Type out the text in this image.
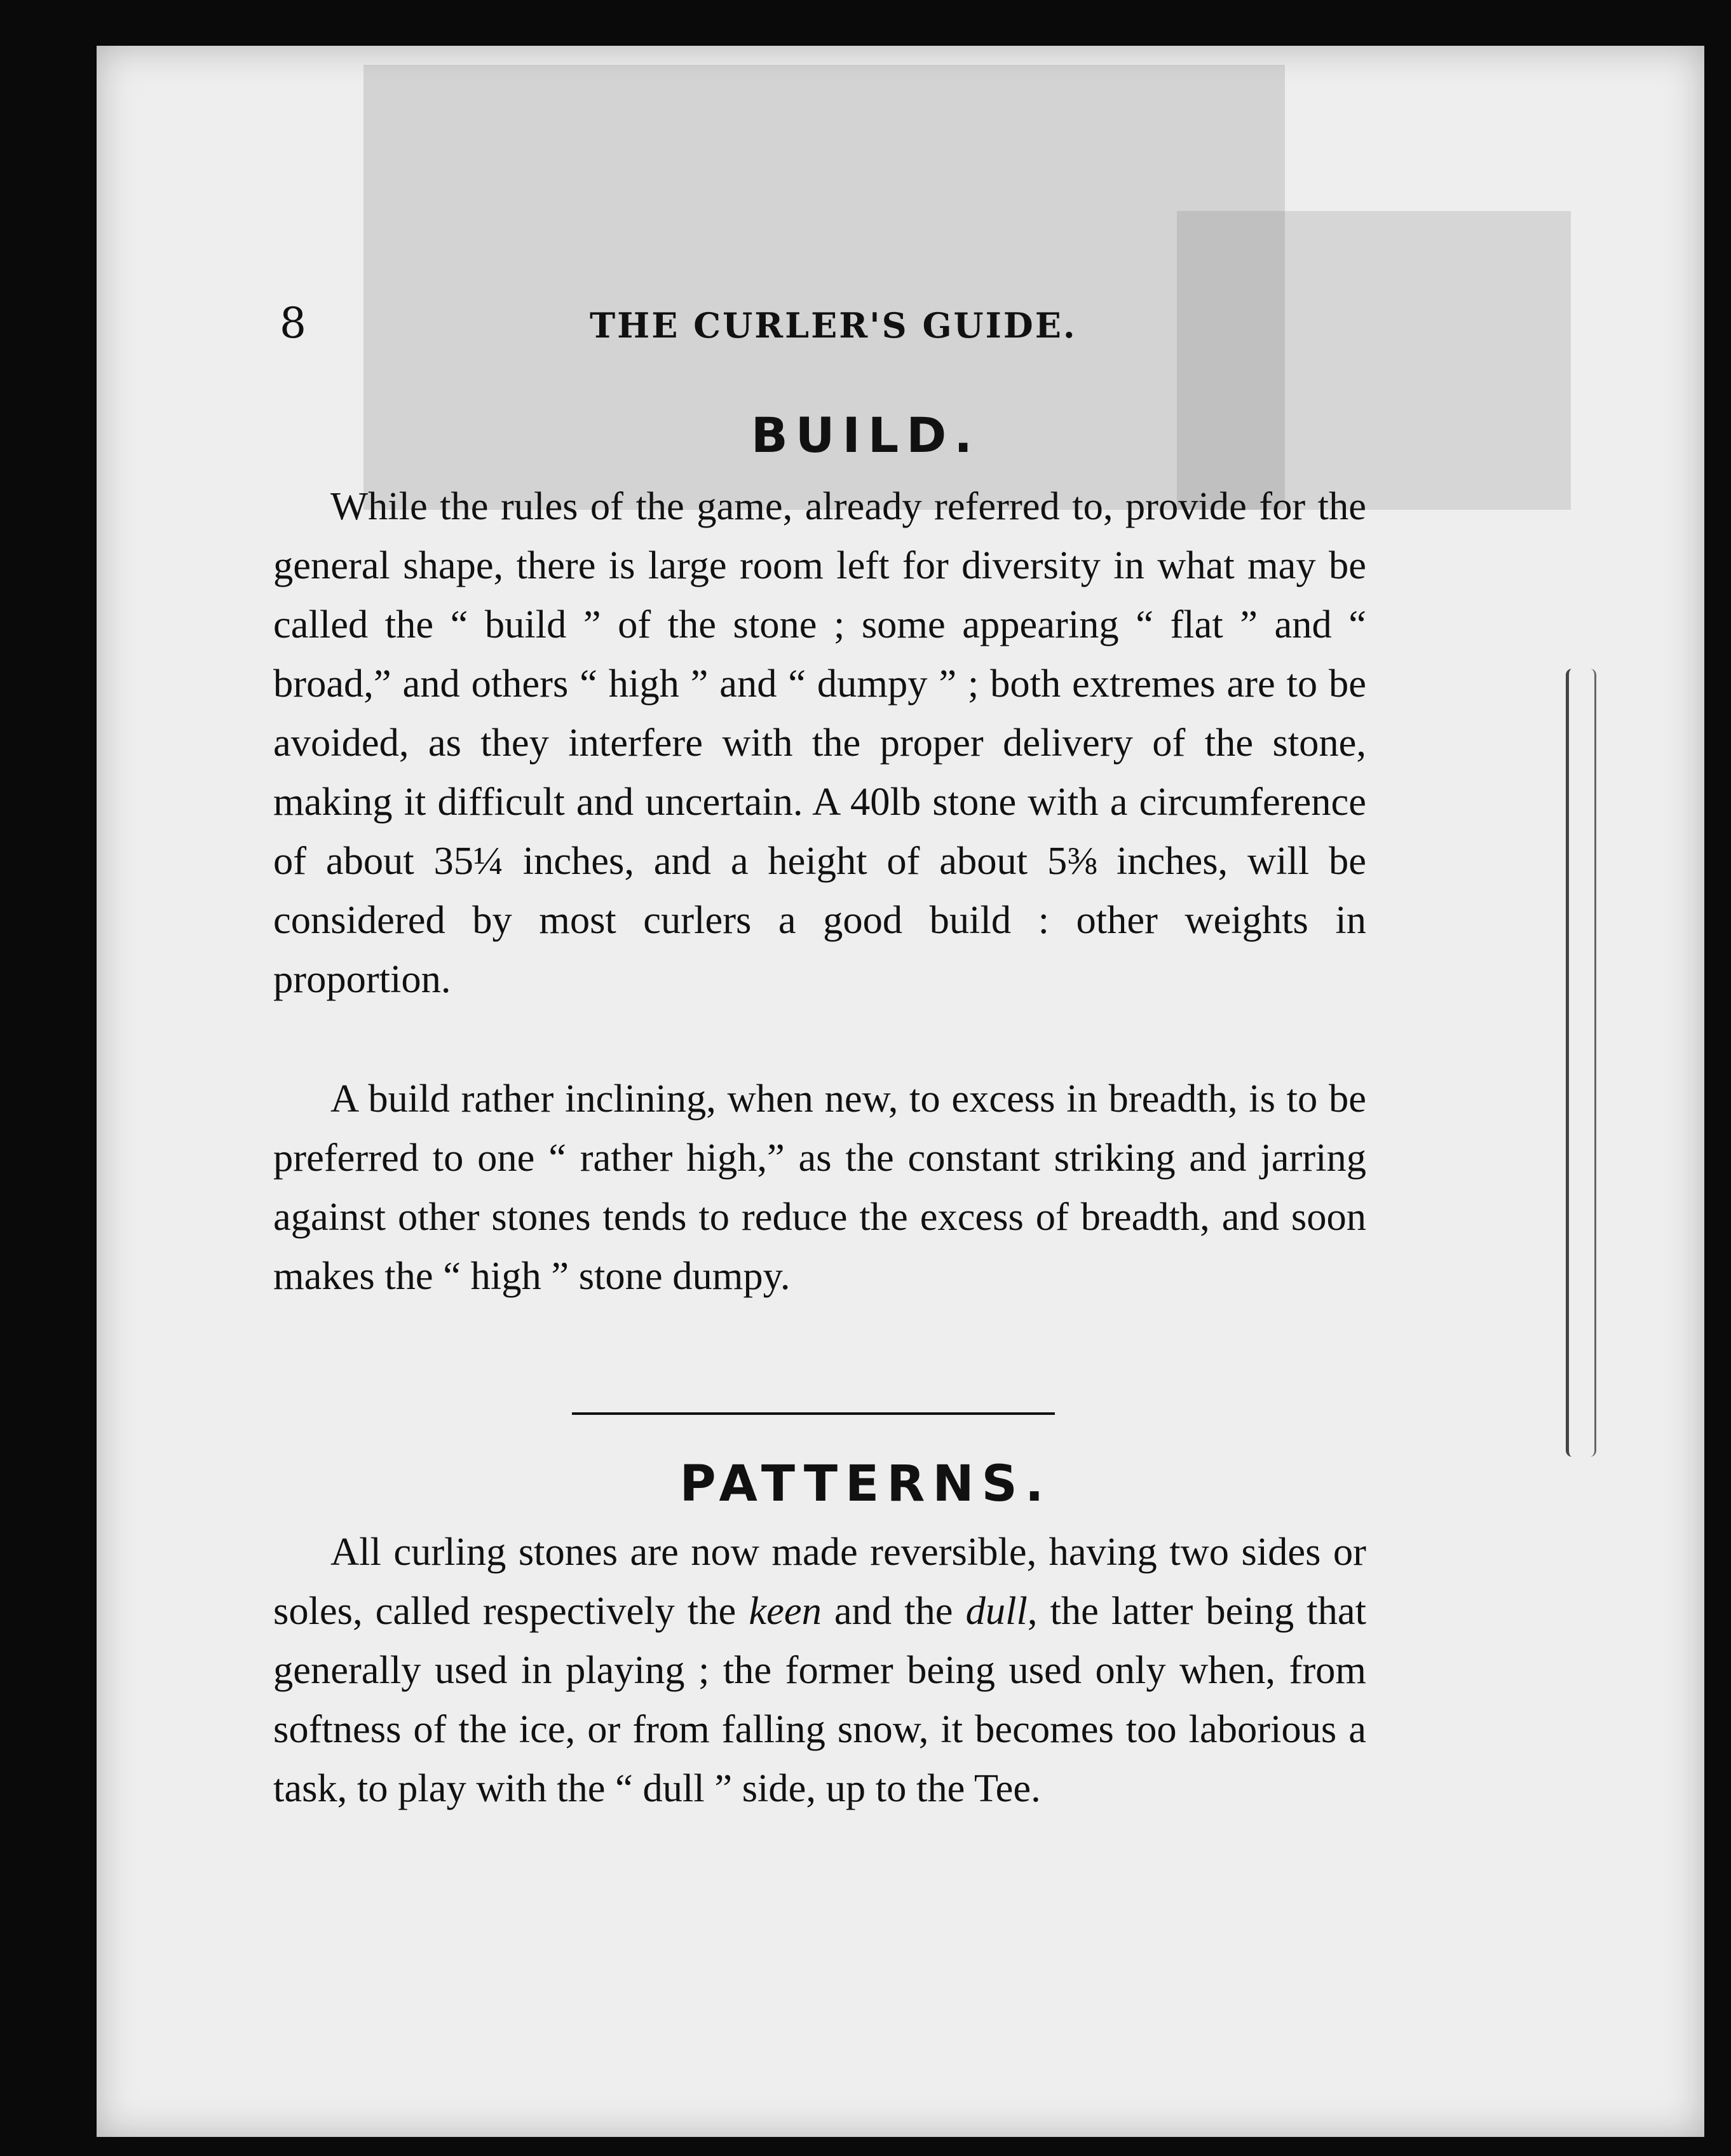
8	THE CURLER'S GUIDE.
BUILD.

While the rules of the game, already referred to, provide for the general shape, there is large room left for diversity in what may be called the “ build ” of the stone ; some appearing “ flat ” and “ broad,” and others “ high ” and “ dumpy ” ; both extremes are to be avoided, as they interfere with the proper delivery of the stone, making it difficult and uncertain. A 40lb stone with a circumference of about 35¼ inches, and a height of about 5⅜ inches, will be considered by most curlers a good build : other weights in proportion.

A build rather inclining, when new, to excess in breadth, is to be preferred to one “ rather high,” as the constant striking and jarring against other stones tends to reduce the excess of breadth, and soon makes the “ high ” stone dumpy.

PATTERNS.

All curling stones are now made reversible, having two sides or soles, called respectively the keen and the dull, the latter being that generally used in playing ; the former being used only when, from softness of the ice, or from falling snow, it becomes too laborious a task, to play with the “ dull ” side, up to the Tee.
